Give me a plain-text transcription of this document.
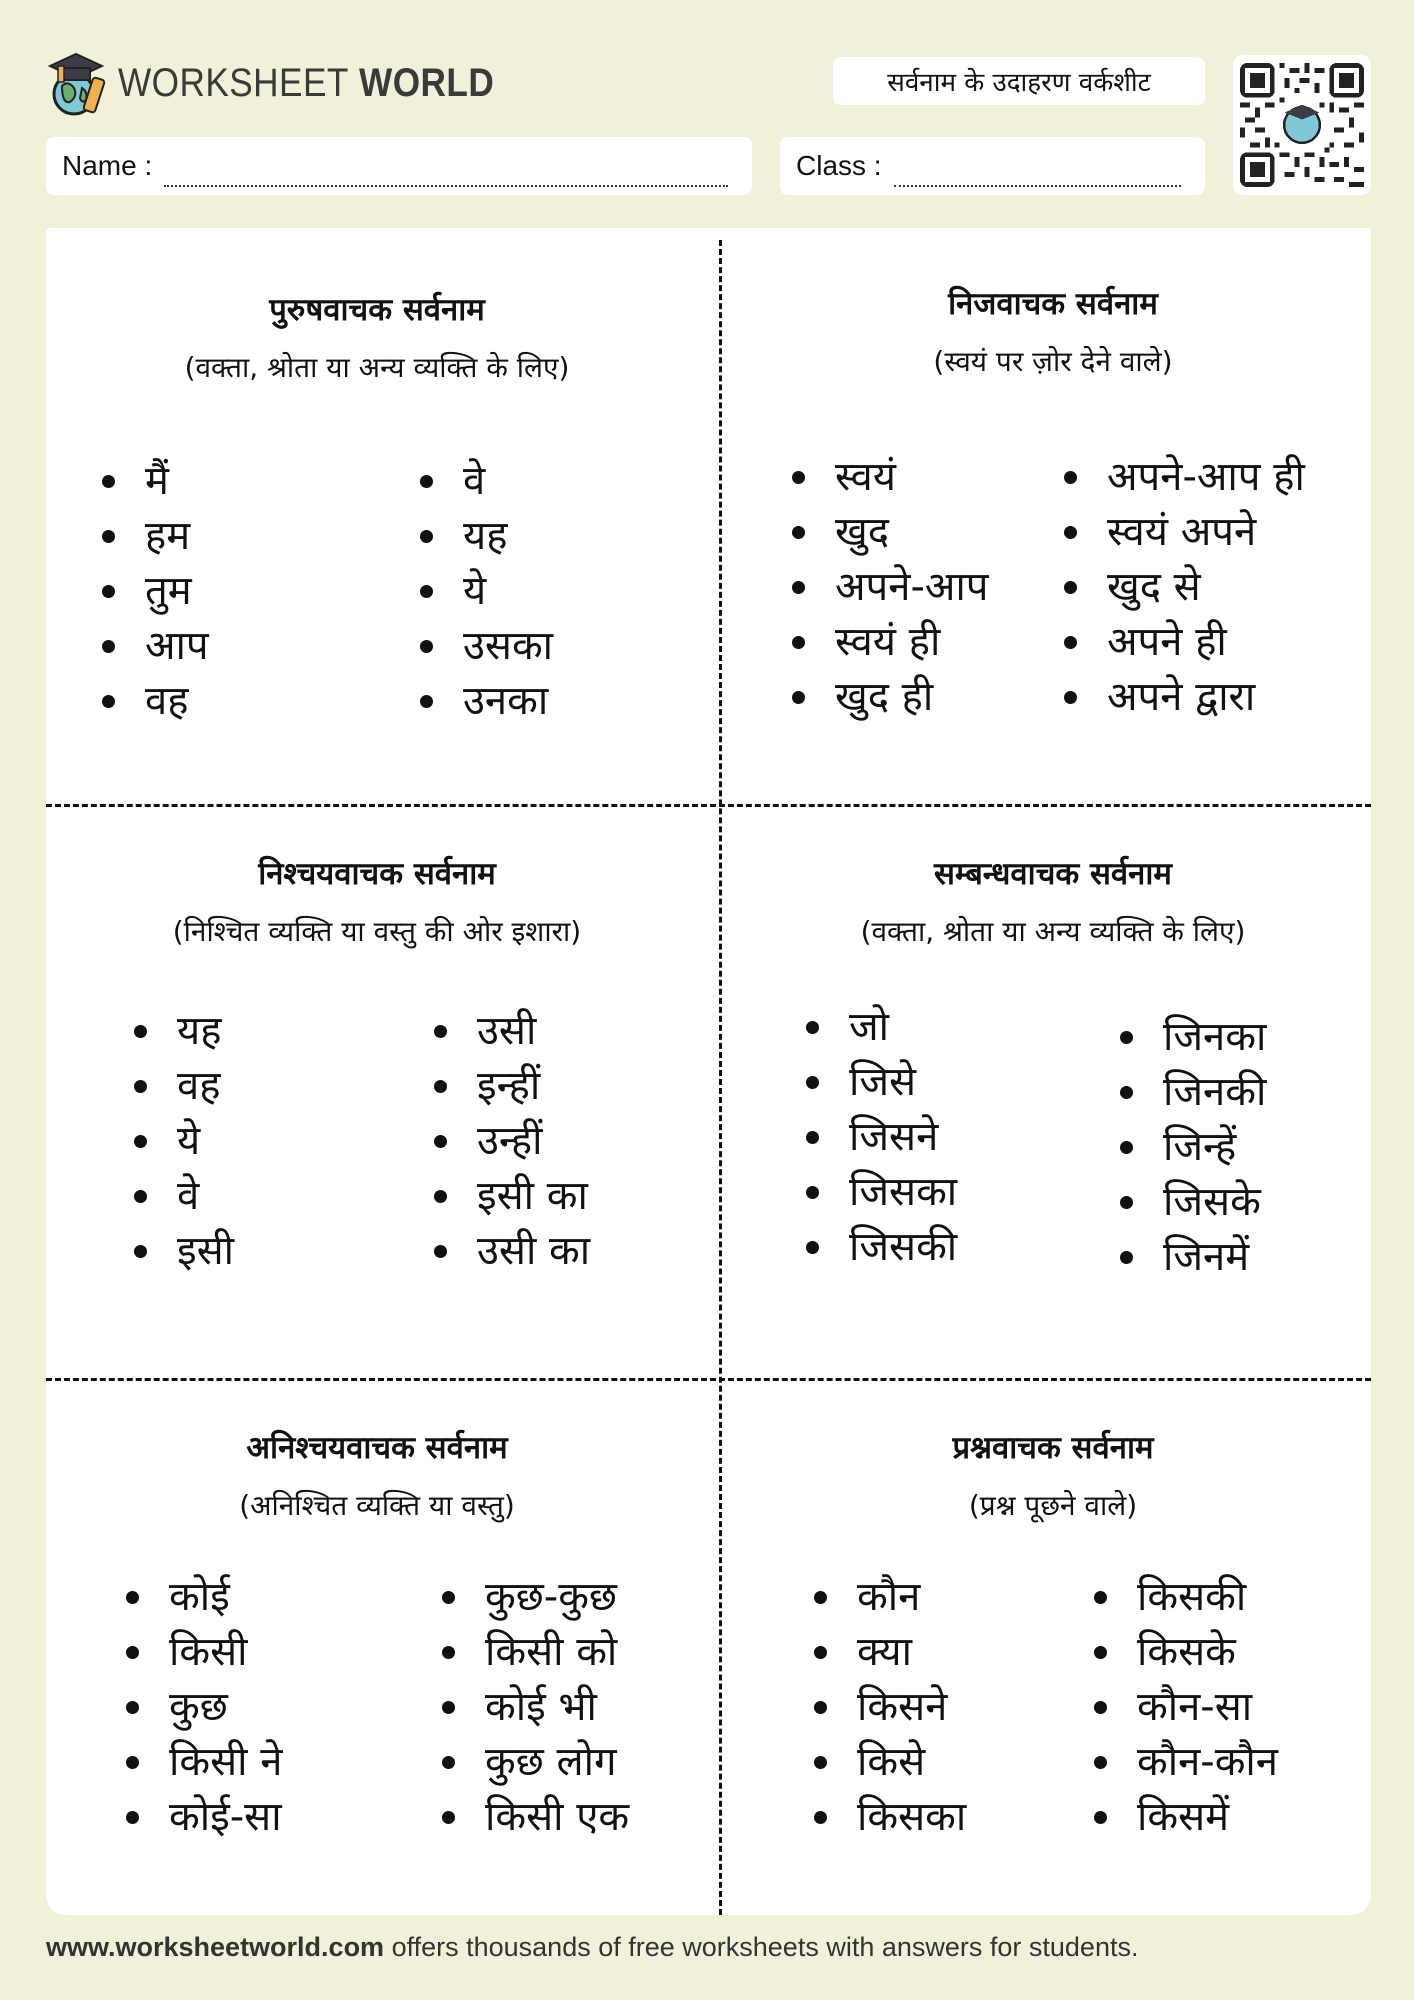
WORKSHEET WORLD	सर्वनाम के उदाहरण वर्कशीट
Name :	Class :
पुरुषवाचक सर्वनाम
(वक्ता, श्रोता या अन्य व्यक्ति के लिए)
मैं
हम
तुम
आप
वह
वे
यह
ये
उसका
उनका
निजवाचक सर्वनाम
(स्वयं पर ज़ोर देने वाले)
स्वयं
खुद
अपने-आप
स्वयं ही
खुद ही
अपने-आप ही
स्वयं अपने
खुद से
अपने ही
अपने द्वारा
निश्चयवाचक सर्वनाम
(निश्चित व्यक्ति या वस्तु की ओर इशारा)
यह
वह
ये
वे
इसी
उसी
इन्हीं
उन्हीं
इसी का
उसी का
सम्बन्धवाचक सर्वनाम
(वक्ता, श्रोता या अन्य व्यक्ति के लिए)
जो
जिसे
जिसने
जिसका
जिसकी
जिनका
जिनकी
जिन्हें
जिसके
जिनमें
अनिश्चयवाचक सर्वनाम
(अनिश्चित व्यक्ति या वस्तु)
कोई
किसी
कुछ
किसी ने
कोई-सा
कुछ-कुछ
किसी को
कोई भी
कुछ लोग
किसी एक
प्रश्नवाचक सर्वनाम
(प्रश्न पूछने वाले)
कौन
क्या
किसने
किसे
किसका
किसकी
किसके
कौन-सा
कौन-कौन
किसमें
www.worksheetworld.com offers thousands of free worksheets with answers for students.
